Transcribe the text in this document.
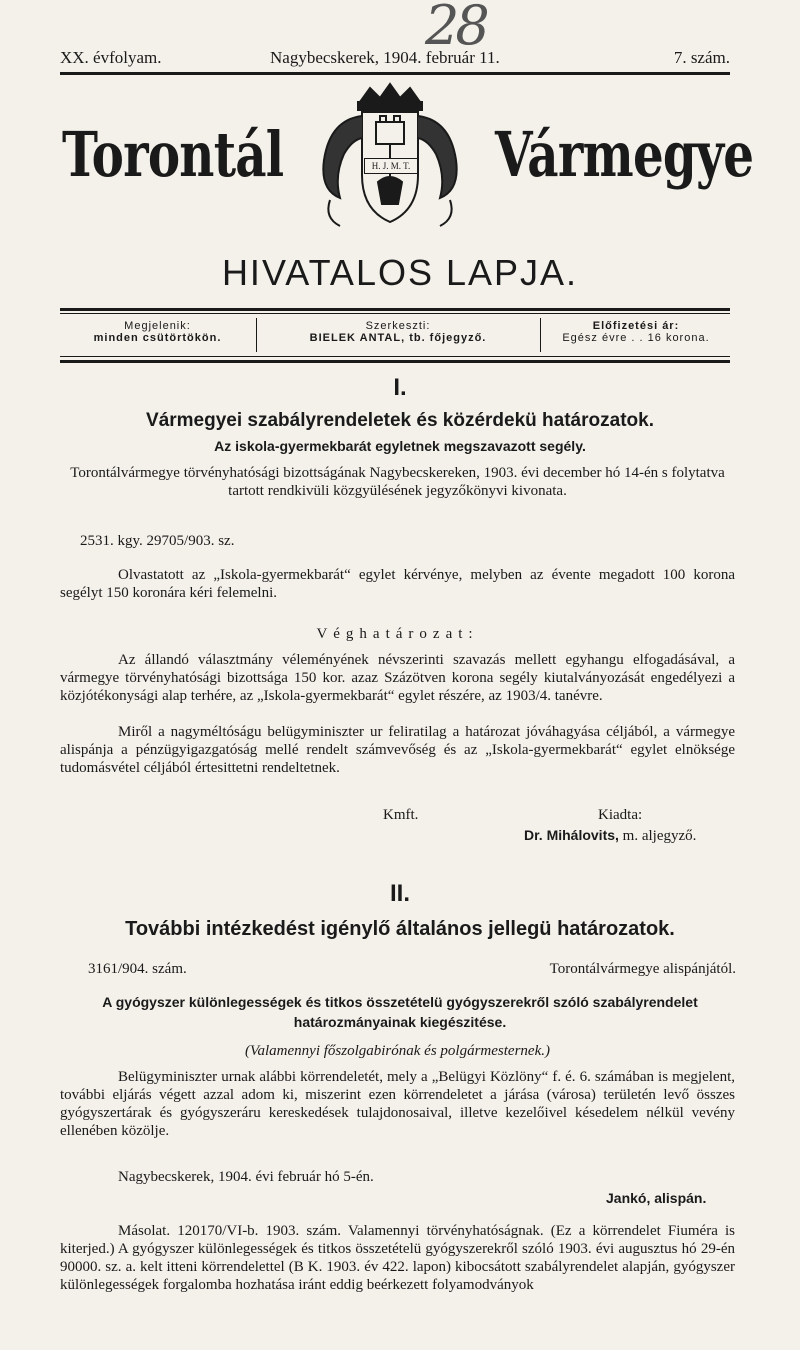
28
XX. évfolyam.	Nagybecskerek, 1904. február 11.	7. szám.
Torontál	Vármegye
H. J. M. T.
HIVATALOS LAPJA.
Megjelenik:
minden csütörtökön.
Szerkeszti:
BIELEK ANTAL, tb. főjegyző.
Előfizetési ár:
Egész évre . . 16 korona.
I.
Vármegyei szabályrendeletek és közérdekü határozatok.
Az iskola-gyermekbarát egyletnek megszavazott segély.
Torontálvármegye törvényhatósági bizottságának Nagybecskereken, 1903. évi december hó 14-én s folytatva tartott rendkivüli közgyülésének jegyzőkönyvi kivonata.
2531. kgy. 29705/903. sz.
Olvastatott az „Iskola-gyermekbarát“ egylet kérvénye, melyben az évente megadott 100 korona segélyt 150 koronára kéri felemelni.
Véghatározat:
Az állandó választmány véleményének névszerinti szavazás mellett egyhangu elfogadásával, a vármegye törvényhatósági bizottsága 150 kor. azaz Százötven korona segély kiutalványozását engedélyezi a közjótékonysági alap terhére, az „Iskola-gyermekbarát“ egylet részére, az 1903/4. tanévre.
Miről a nagyméltóságu belügyminiszter ur feliratilag a határozat jóváhagyása céljából, a vármegye alispánja a pénzügyigazgatóság mellé rendelt számvevőség és az „Iskola-gyermekbarát“ egylet elnöksége tudomásvétel céljából értesittetni rendeltetnek.
Kmft.	Kiadta:
Dr. Mihálovits, m. aljegyző.
II.
További intézkedést igénylő általános jellegü határozatok.
3161/904. szám.	Torontálvármegye alispánjától.
A gyógyszer különlegességek és titkos összetételü gyógyszerekről szóló szabályrendelet
határozmányainak kiegészitése.
(Valamennyi főszolgabirónak és polgármesternek.)
Belügyminiszter urnak alábbi körrendeletét, mely a „Belügyi Közlöny“ f. é. 6. számában is megjelent, további eljárás végett azzal adom ki, miszerint ezen körrendeletet a járása (városa) területén levő összes gyógyszertárak és gyógyszeráru kereskedések tulajdonosaival, illetve kezelőivel késedelem nélkül vevény ellenében közölje.
Nagybecskerek, 1904. évi február hó 5-én.
Jankó, alispán.
Másolat. 120170/VI-b. 1903. szám. Valamennyi törvényhatóságnak. (Ez a körrendelet Fiuméra is kiterjed.) A gyógyszer különlegességek és titkos összetételü gyógyszerekről szóló 1903. évi augusztus hó 29-én 90000. sz. a. kelt itteni körrendelettel (B K. 1903. év 422. lapon) kibocsátott szabályrendelet alapján, gyógyszer különlegességek forgalomba hozhatása iránt eddig beérkezett folyamodványok
